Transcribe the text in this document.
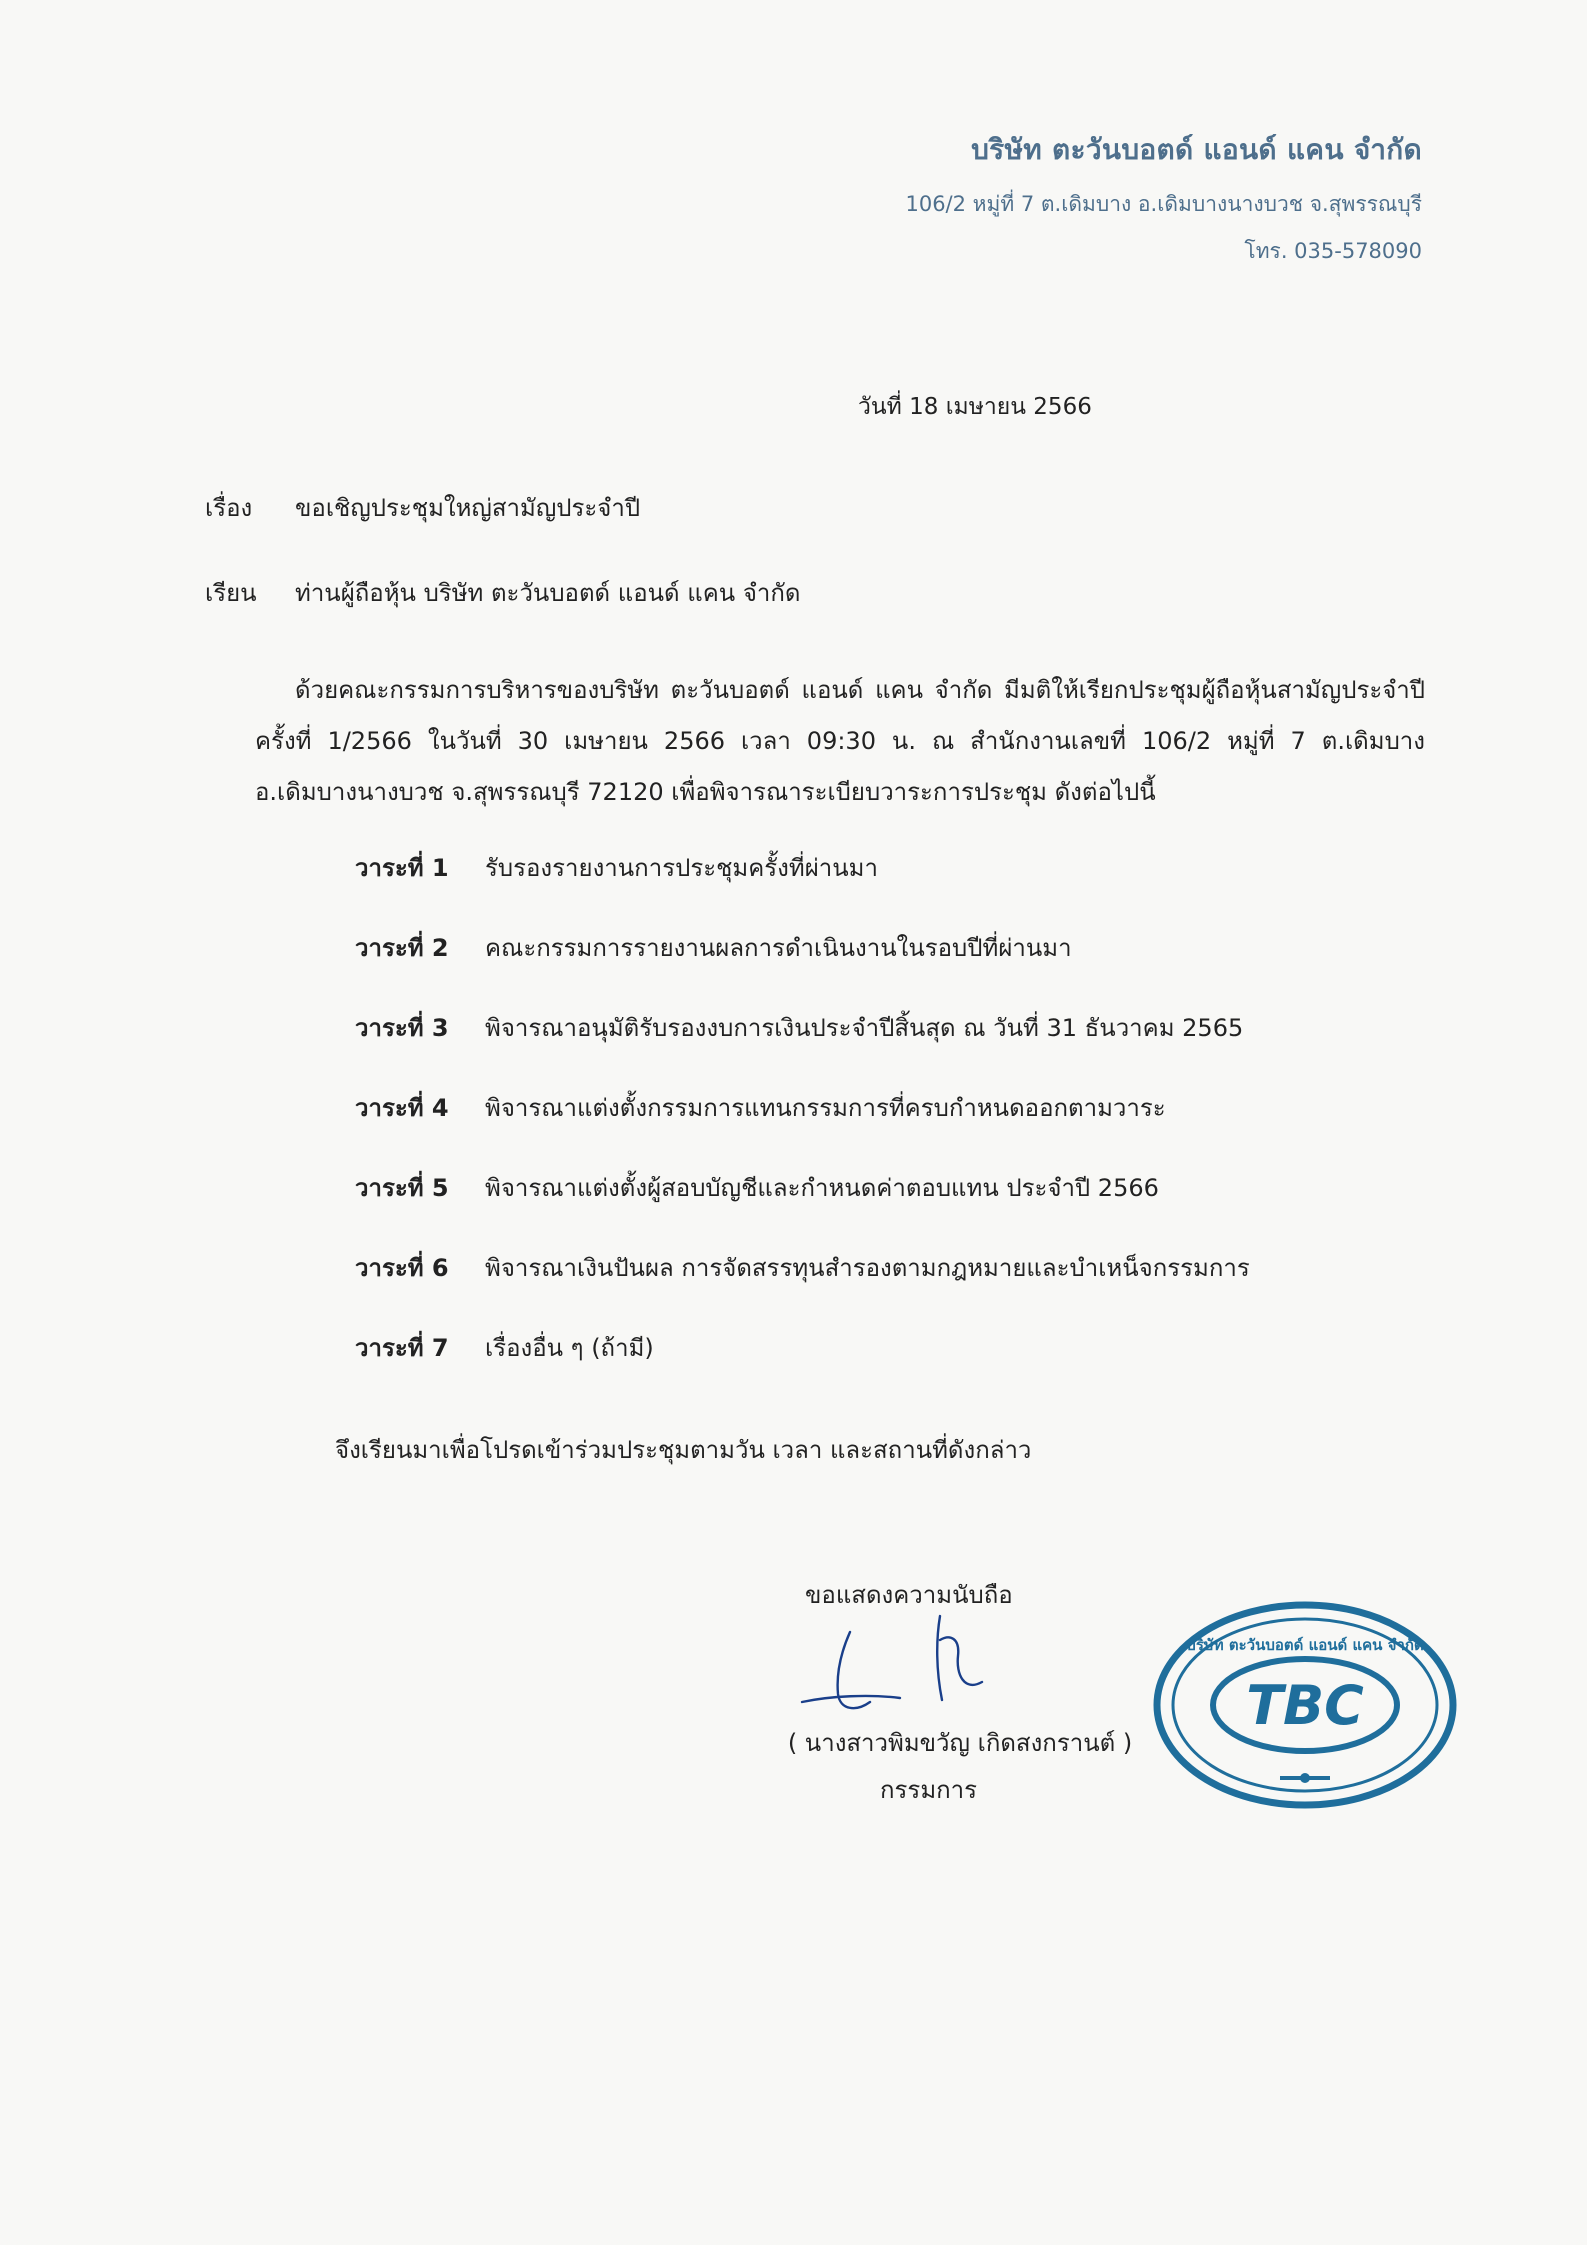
บริษัท ตะวันบอตด์ แอนด์ แคน จำกัด
106/2 หมู่ที่ 7 ต.เดิมบาง อ.เดิมบางนางบวช จ.สุพรรณบุรี
โทร. 035-578090
วันที่ 18 เมษายน 2566
เรื่อง ขอเชิญประชุมใหญ่สามัญประจำปี
เรียน ท่านผู้ถือหุ้น บริษัท ตะวันบอตด์ แอนด์ แคน จำกัด
ด้วยคณะกรรมการบริหารของบริษัท ตะวันบอตด์ แอนด์ แคน จำกัด มีมติให้เรียกประชุมผู้ถือหุ้นสามัญประจำปี ครั้งที่ 1/2566 ในวันที่ 30 เมษายน 2566 เวลา 09:30 น. ณ สำนักงานเลขที่ 106/2 หมู่ที่ 7 ต.เดิมบาง อ.เดิมบางนางบวช จ.สุพรรณบุรี 72120 เพื่อพิจารณาระเบียบวาระการประชุม ดังต่อไปนี้
วาระที่ 1	รับรองรายงานการประชุมครั้งที่ผ่านมา
วาระที่ 2	คณะกรรมการรายงานผลการดำเนินงานในรอบปีที่ผ่านมา
วาระที่ 3	พิจารณาอนุมัติรับรองงบการเงินประจำปีสิ้นสุด ณ วันที่ 31 ธันวาคม 2565
วาระที่ 4	พิจารณาแต่งตั้งกรรมการแทนกรรมการที่ครบกำหนดออกตามวาระ
วาระที่ 5	พิจารณาแต่งตั้งผู้สอบบัญชีและกำหนดค่าตอบแทน ประจำปี 2566
วาระที่ 6	พิจารณาเงินปันผล การจัดสรรทุนสำรองตามกฎหมายและบำเหน็จกรรมการ
วาระที่ 7	เรื่องอื่น ๆ (ถ้ามี)
จึงเรียนมาเพื่อโปรดเข้าร่วมประชุมตามวัน เวลา และสถานที่ดังกล่าว
ขอแสดงความนับถือ
( นางสาวพิมขวัญ เกิดสงกรานต์ )
กรรมการ
บริษัท ตะวันบอตด์ แอนด์ แคน จำกัด
TBC
